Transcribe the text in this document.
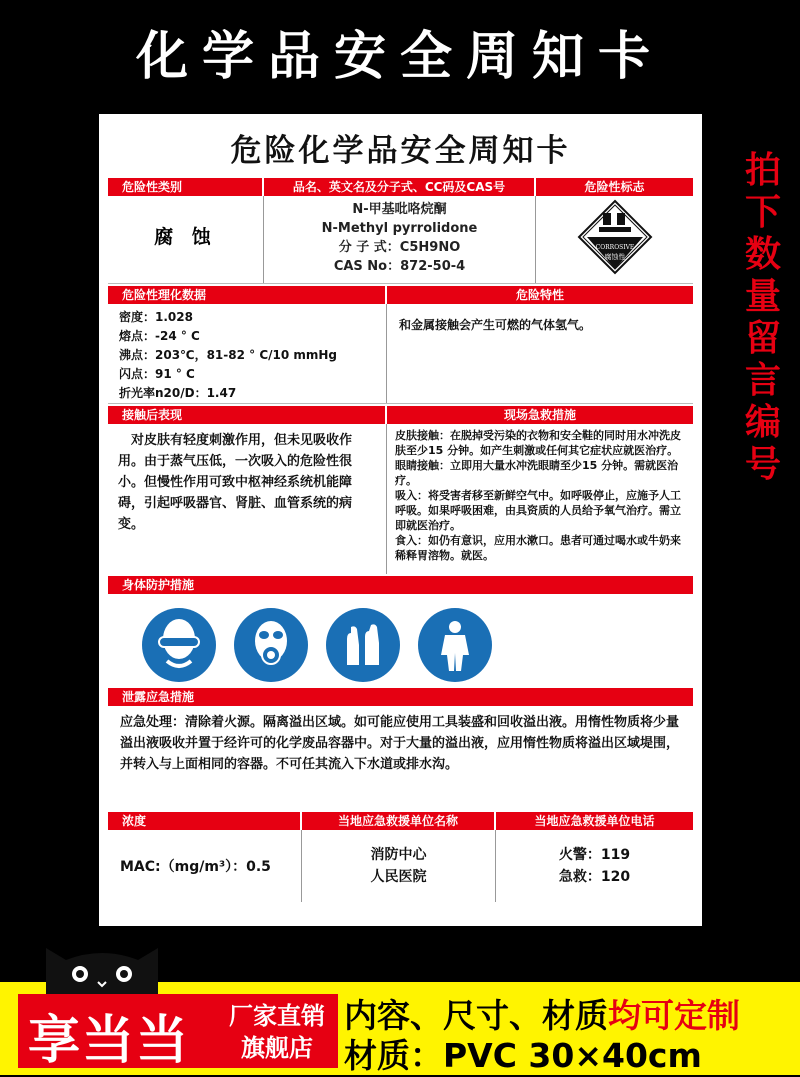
化学品安全周知卡
拍下数量留言编号
危险化学品安全周知卡
危险性类别	品名、英文名及分子式、CC码及CAS号	危险性标志
腐 蚀
N-甲基吡咯烷酮
N-Methyl pyrrolidone
分 子 式：C5H9NO
CAS No：872-50-4
CORROSIVE
腐蚀性
危险性理化数据	危险特性
密度：1.028
熔点：-24 ° C
沸点：203℃，81-82 ° C/10 mmHg
闪点：91 ° C
折光率n20/D：1.47
和金属接触会产生可燃的气体氢气。
接触后表现	现场急救措施
对皮肤有轻度刺激作用，但未见吸收作用。由于蒸气压低，一次吸入的危险性很小。但慢性作用可致中枢神经系统机能障碍，引起呼吸器官、肾脏、血管系统的病变。
皮肤接触：在脱掉受污染的衣物和安全鞋的同时用水冲洗皮肤至少15 分钟。如产生刺激或任何其它症状应就医治疗。
眼睛接触：立即用大量水冲洗眼睛至少15 分钟。需就医治疗。
吸入：将受害者移至新鲜空气中。如呼吸停止，应施予人工呼吸。如果呼吸困难，由具资质的人员给予氧气治疗。需立即就医治疗。
食入：如仍有意识，应用水漱口。患者可通过喝水或牛奶来稀释胃溶物。就医。
身体防护措施
泄露应急措施
应急处理：清除着火源。隔离溢出区域。如可能应使用工具装盛和回收溢出液。用惰性物质将少量溢出液吸收并置于经许可的化学废品容器中。对于大量的溢出液，应用惰性物质将溢出区域堤围，并转入与上面相同的容器。不可任其流入下水道或排水沟。
浓度	当地应急救援单位名称	当地应急救援单位电话
MAC:（mg/m³）：0.5
消防中心
人民医院
火警：119
急救：120
享当当	厂家直销
旗舰店
内容、尺寸、材质均可定制
材质：PVC 30×40cm
